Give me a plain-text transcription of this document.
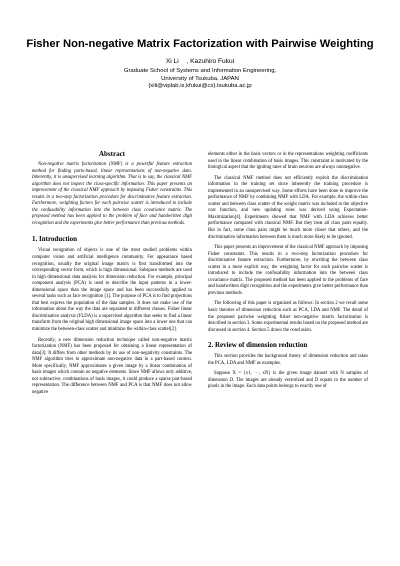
Fisher Non-negative Matrix Factorization with Pairwise Weighting
Xi Li , Kazuhiro Fukui
Graduate School of Systems and Information Engineering,
University of Tsukuba, JAPAN
{xili@viplab.is,kfukui@cs}.tsukuba.ac.jp
Abstract

Non-negative matrix factorization (NMF) is a powerful feature extraction method for finding parts-based, linear representations of non-negative data. Inherently, it is unsupervised learning algorithm. That is to say, the classical NMF algorithm does not inspect the class-specific information. This paper presents an improvement of the classical NMF approach by imposing Fisher constraints. This results in a two-step factorization procedure for discriminative feature extraction. Furthermore, weighting factors for each pairwise scatter is introduced to include the confusability information into the between class covariance matrix. The proposed method has been applied to the problem of face and handwritten digit recognition and the experiments give better performance than previous methods.

1. Introduction

Visual recognition of objects is one of the most studied problems within computer vision and artificial intelligence community. For appearance based recognition, usually the original image matrix is first transformed into the corresponding vector form, which is high dimensional. Subspace methods are used in high dimensional data analysis for dimension reduction. For example, principal component analysis (PCA) is used to describe the input patterns in a lower-dimensional space than the image space and has been successfully applied to several tasks such as face recognition [1]. The purpose of PCA is to find projections that best express the population of the data samples. It does not make use of the information about the way the data are separated to different classes. Fisher linear discriminative analysis (FLDA) is a supervised algorithm that seeks to find a linear transform from the original high dimensional image space into a lower one that can minimize the between-class scatter and minimize the within-class scatter[2].

Recently, a new dimension reduction technique called non-negative matrix factorization (NMF) has been proposed for obtaining a linear representation of data[3]. It differs from other methods by its use of non-negativity constraints. The NMF algorithm tries to approximate non-negative data in a part-based context. More specifically, NMF approximates a given image by a linear combination of basis images which contain no negative elements. Since NMF allows only additive, not subtractive, combinations of basis images, it could produce a sparse part-based representation. The difference between NMF and PCA is that NMF does not allow negative

elements either in the basis vectors or in the representations weighting coefficients used in the linear combination of basis images. This constraint is motivated by the biological aspect that the igniting rates of brain neurons are always nonnegative.

The classical NMF method does not efficiently exploit the discrimination information in the training set since inherently the training procedure is implemented in an unsupervised way. Some efforts have been done to improve the performance of NMF by combining NMF with LDA. For example, the within-class scatter and between class scatter of the weight matrix was included in the objective cost function, and new updating rules was derived using Expectation-Maximization[4]. Experiments showed that NMF with LDA achieves better performance compared with classical NMF. But they treat all class pairs equally. But in fact, some class pairs might be much more closer that others, and the discriminative information between them is much more likely to be ignored.

This paper presents an improvement of the classical NMF approach by imposing Fisher constraints. This results in a two-step factorization procedure for discriminative feature extraction. Furthermore, by rewriting the between class scatter in a more explicit way, the weighting factor for each pairwise scatter is introduced to include the confusability information into the between class covariance matrix. The proposed method has been applied to the problems of face and handwritten digit recognition and the experiments give better performance than previous methods.

The following of this paper is organized as follows: In section 2 we recall some basic theories of dimension reduction such as PCA, LDA and NMF. The detail of the proposed pairwise weighting fisher non-negative matrix factorization is described in section 3. Some experimental results based on the proposed method are discussed in section 4. Section 5 draws the conclusion.

2. Review of dimension reduction

This section provides the background theory of dimension reduction and takes the PCA, LDA and NMF as examples.

Suppose X = {x1, ···, xN} is the given image dataset with N samples of dimension D. The images are already vectorized and D equals to the number of pixels in the image. Each data points belongs to exactly one of
